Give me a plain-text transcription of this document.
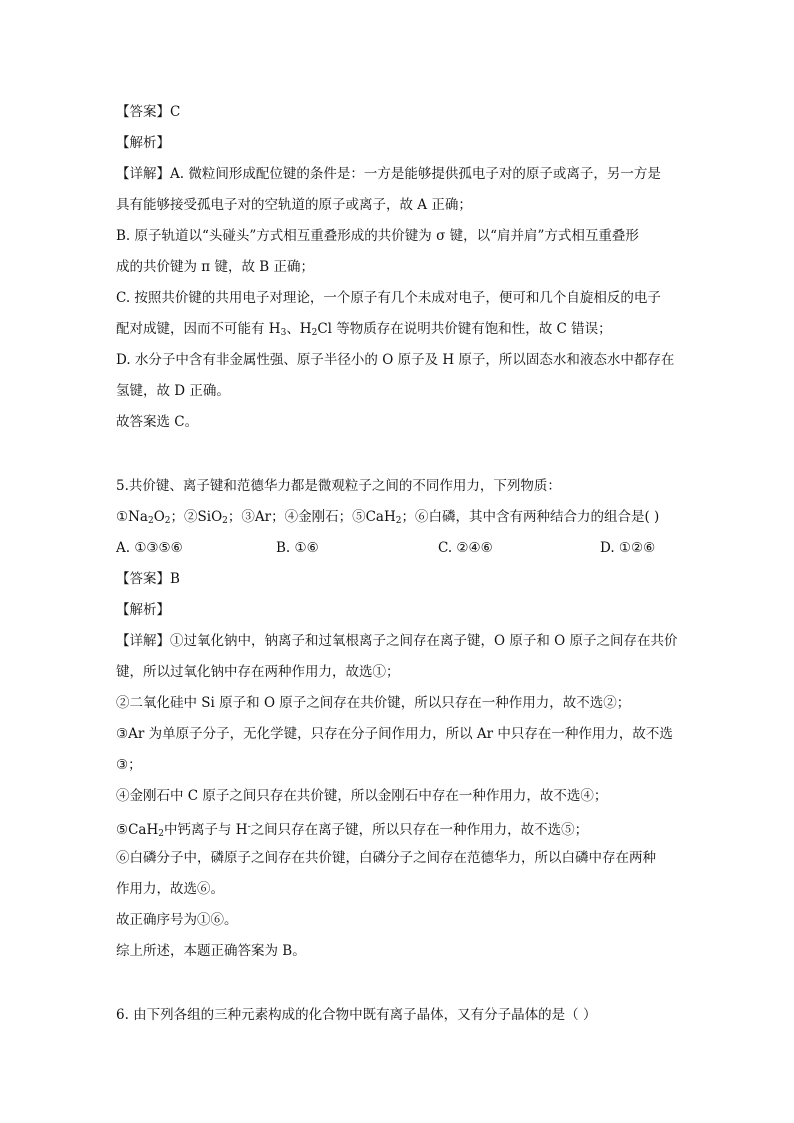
【答案】C
【解析】
【详解】A. 微粒间形成配位键的条件是：一方是能够提供孤电子对的原子或离子，另一方是
具有能够接受孤电子对的空轨道的原子或离子，故 A 正确；
B. 原子轨道以“头碰头”方式相互重叠形成的共价键为 σ 键，以“肩并肩”方式相互重叠形
成的共价键为 π 键，故 B 正确；
C. 按照共价键的共用电子对理论，一个原子有几个未成对电子，便可和几个自旋相反的电子
配对成键，因而不可能有 $H_3$、$H_2Cl$ 等物质存在说明共价键有饱和性，故 C 错误；
D. 水分子中含有非金属性强、原子半径小的 O 原子及 H 原子，所以固态水和液态水中都存在
氢键，故 D 正确。
故答案选 C。
5.共价键、离子键和范德华力都是微观粒子之间的不同作用力，下列物质：
$①Na_2O_2$；②SiO$_2$；③Ar；④金刚石；⑤CaH$_2$；⑥白磷，其中含有两种结合力的组合是( )
A. ①③⑤⑥	B. ①⑥	C. ②④⑥	D. ①②⑥
【答案】B
【解析】
【详解】①过氧化钠中，钠离子和过氧根离子之间存在离子键，O 原子和 O 原子之间存在共价
键，所以过氧化钠中存在两种作用力，故选①；
②二氧化硅中 Si 原子和 O 原子之间存在共价键，所以只存在一种作用力，故不选②；
③Ar 为单原子分子，无化学键，只存在分子间作用力，所以 Ar 中只存在一种作用力，故不选
③；
④金刚石中 C 原子之间只存在共价键，所以金刚石中存在一种作用力，故不选④；
⑤CaH$_2$中钙离子与 H-之间只存在离子键，所以只存在一种作用力，故不选⑤；
⑥白磷分子中，磷原子之间存在共价键，白磷分子之间存在范德华力，所以白磷中存在两种
作用力，故选⑥。
故正确序号为①⑥。
综上所述，本题正确答案为 B。
6. 由下列各组的三种元素构成的化合物中既有离子晶体，又有分子晶体的是（ ）
